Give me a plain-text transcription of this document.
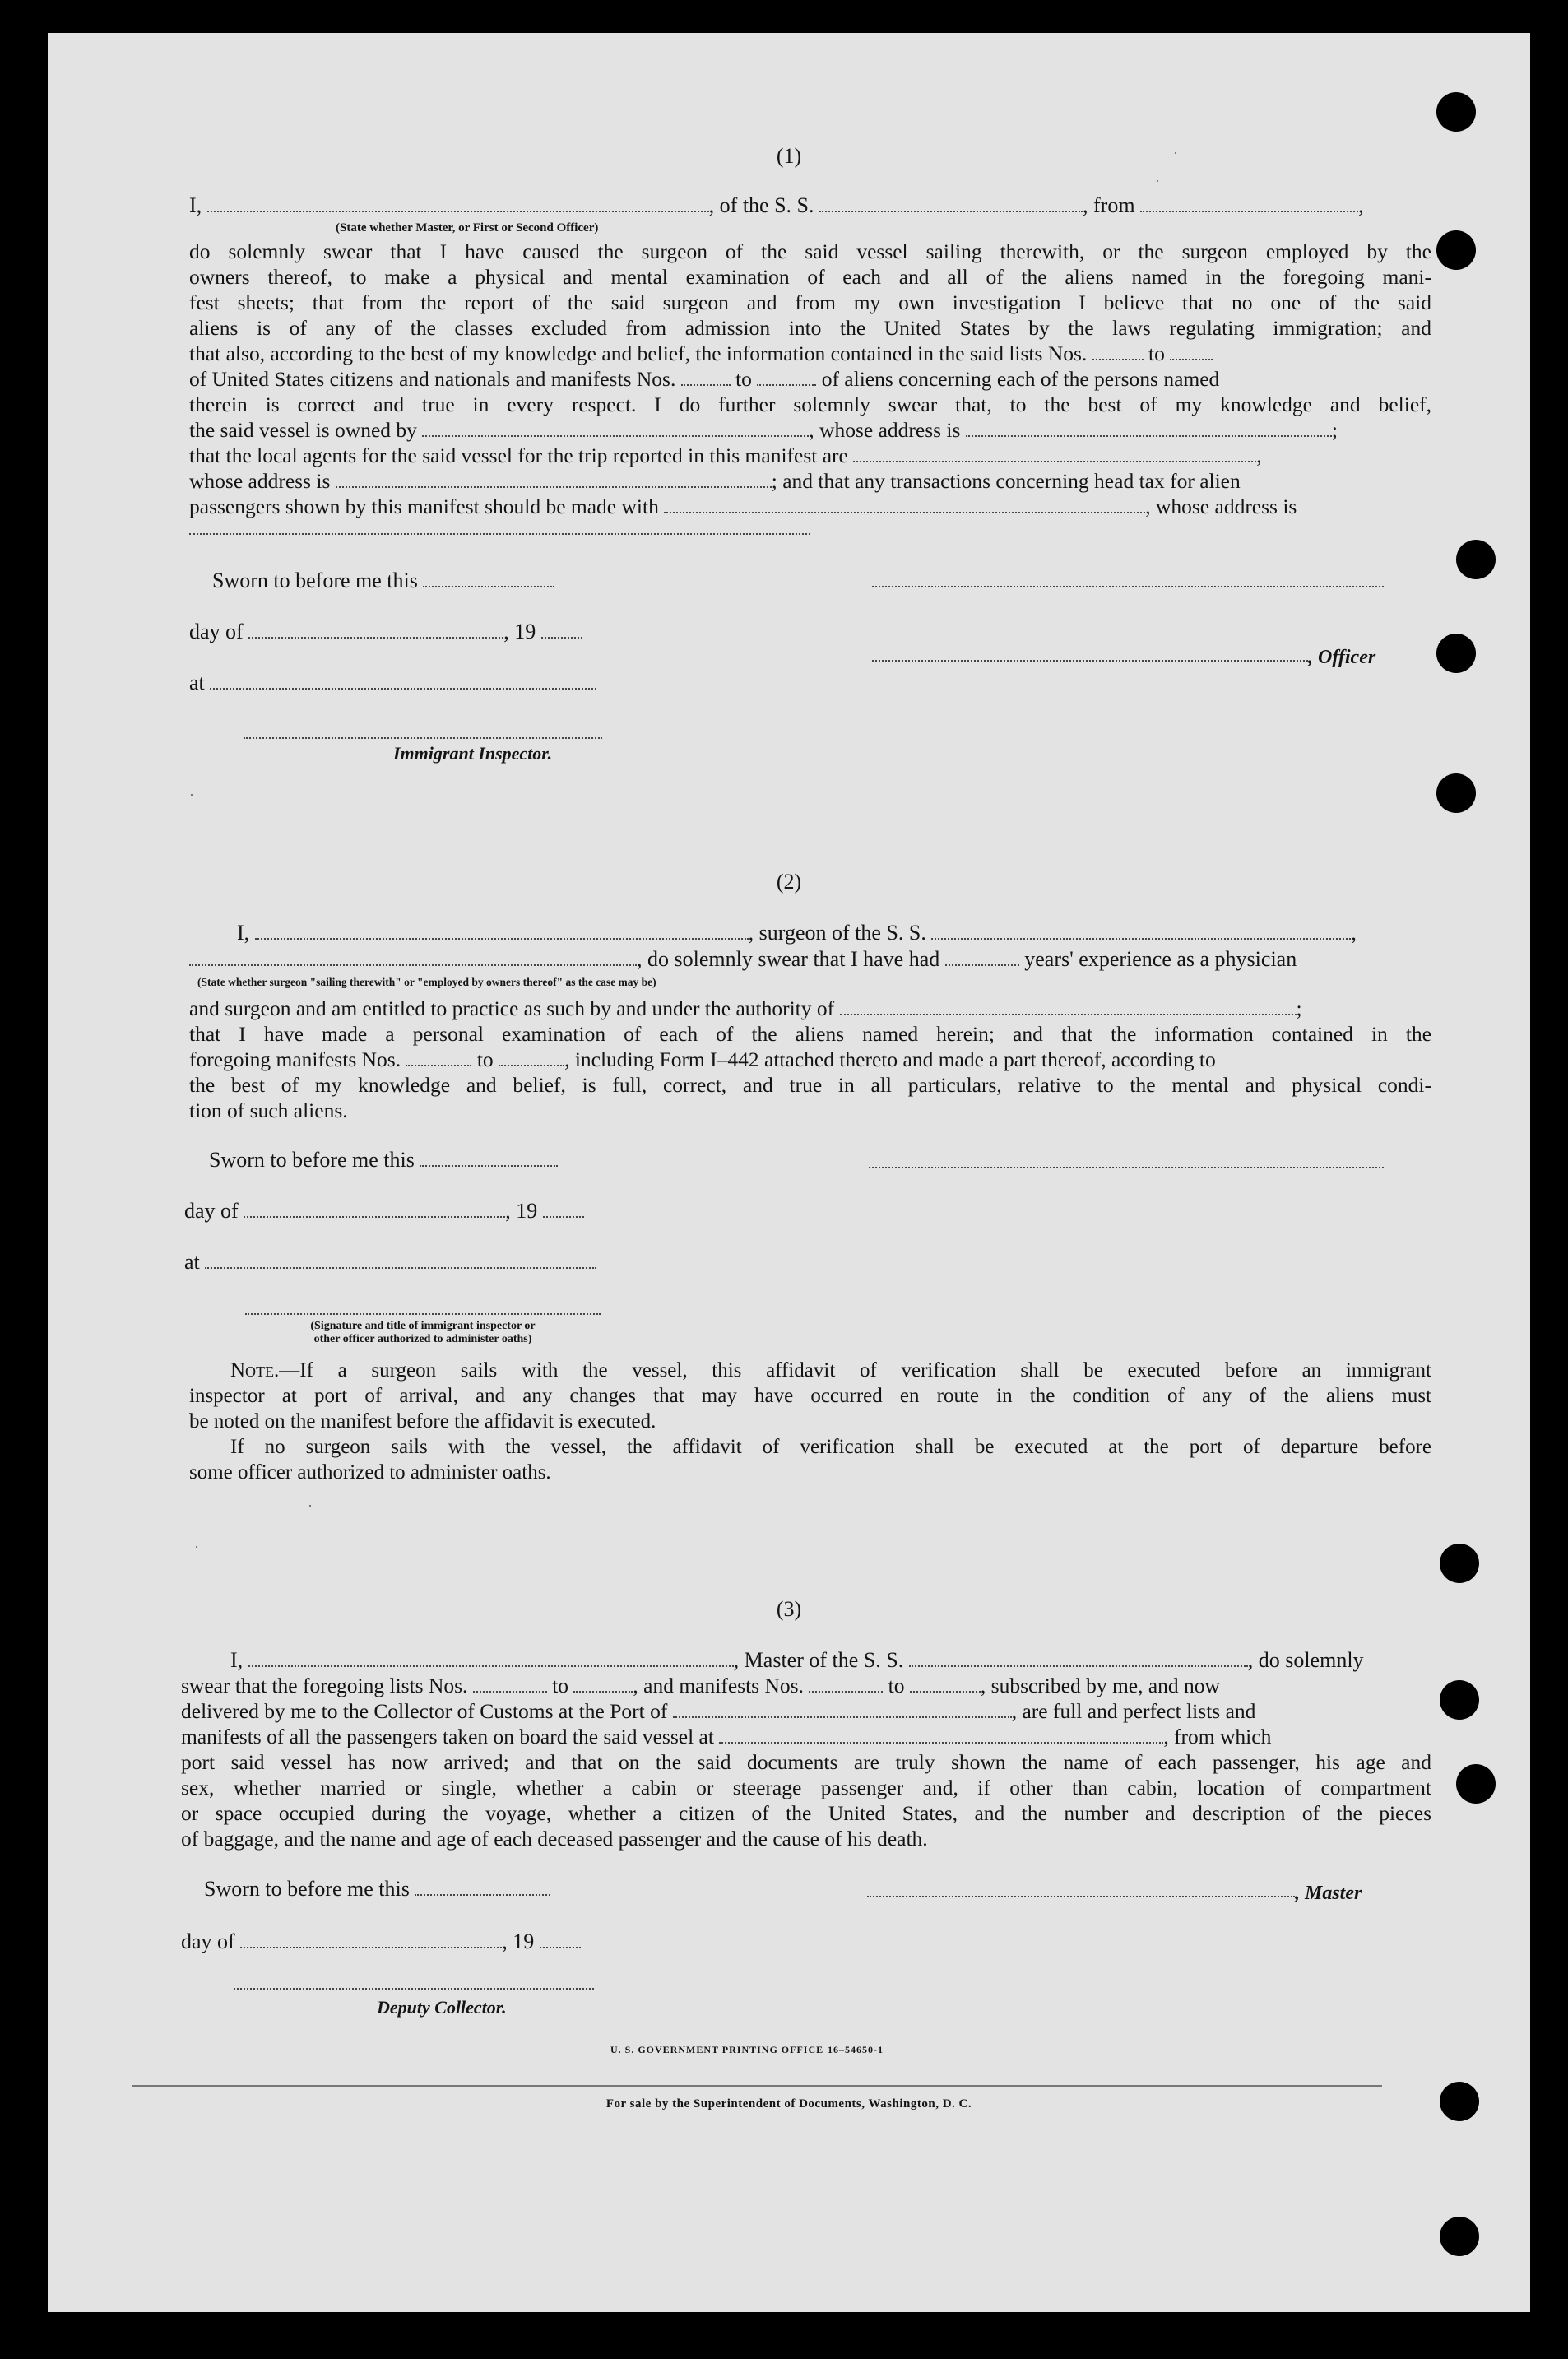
(1)
I,	, of the S. S.	, from	,
(State whether Master, or First or Second Officer)
do solemnly swear that I have caused the surgeon of the said vessel sailing therewith, or the surgeon employed by the
owners thereof, to make a physical and mental examination of each and all of the aliens named in the foregoing mani-
fest sheets; that from the report of the said surgeon and from my own investigation I believe that no one of the said
aliens is of any of the classes excluded from admission into the United States by the laws regulating immigration; and
that also, according to the best of my knowledge and belief, the information contained in the said lists Nos.	to
of United States citizens and nationals and manifests Nos.	to	of aliens concerning each of the persons named
therein is correct and true in every respect. I do further solemnly swear that, to the best of my knowledge and belief,
the said vessel is owned by	, whose address is	;
that the local agents for the said vessel for the trip reported in this manifest are	,
whose address is	; and that any transactions concerning head tax for alien
passengers shown by this manifest should be made with	, whose address is
Sworn to before me this
day of	, 19
, Officer
at
Immigrant Inspector.
(2)
I,	, surgeon of the S. S.	,
, do solemnly swear that I have had	years' experience as a physician
(State whether surgeon "sailing therewith" or "employed by owners thereof" as the case may be)
and surgeon and am entitled to practice as such by and under the authority of	;
that I have made a personal examination of each of the aliens named herein; and that the information contained in the
foregoing manifests Nos.	to	, including Form I–442 attached thereto and made a part thereof, according to
the best of my knowledge and belief, is full, correct, and true in all particulars, relative to the mental and physical condi-
tion of such aliens.
Sworn to before me this
day of	, 19
at
(Signature and title of immigrant inspector or
other officer authorized to administer oaths)
Note.—If a surgeon sails with the vessel, this affidavit of verification shall be executed before an immigrant
inspector at port of arrival, and any changes that may have occurred en route in the condition of any of the aliens must
be noted on the manifest before the affidavit is executed.
If no surgeon sails with the vessel, the affidavit of verification shall be executed at the port of departure before
some officer authorized to administer oaths.
(3)
I,	, Master of the S. S.	, do solemnly
swear that the foregoing lists Nos.	to	, and manifests Nos.	to	, subscribed by me, and now
delivered by me to the Collector of Customs at the Port of	, are full and perfect lists and
manifests of all the passengers taken on board the said vessel at	, from which
port said vessel has now arrived; and that on the said documents are truly shown the name of each passenger, his age and
sex, whether married or single, whether a cabin or steerage passenger and, if other than cabin, location of compartment
or space occupied during the voyage, whether a citizen of the United States, and the number and description of the pieces
of baggage, and the name and age of each deceased passenger and the cause of his death.
Sworn to before me this	, Master
day of	, 19
Deputy Collector.
U. S. GOVERNMENT PRINTING OFFICE 16–54650-1
For sale by the Superintendent of Documents, Washington, D. C.
·
·
·
·
·
